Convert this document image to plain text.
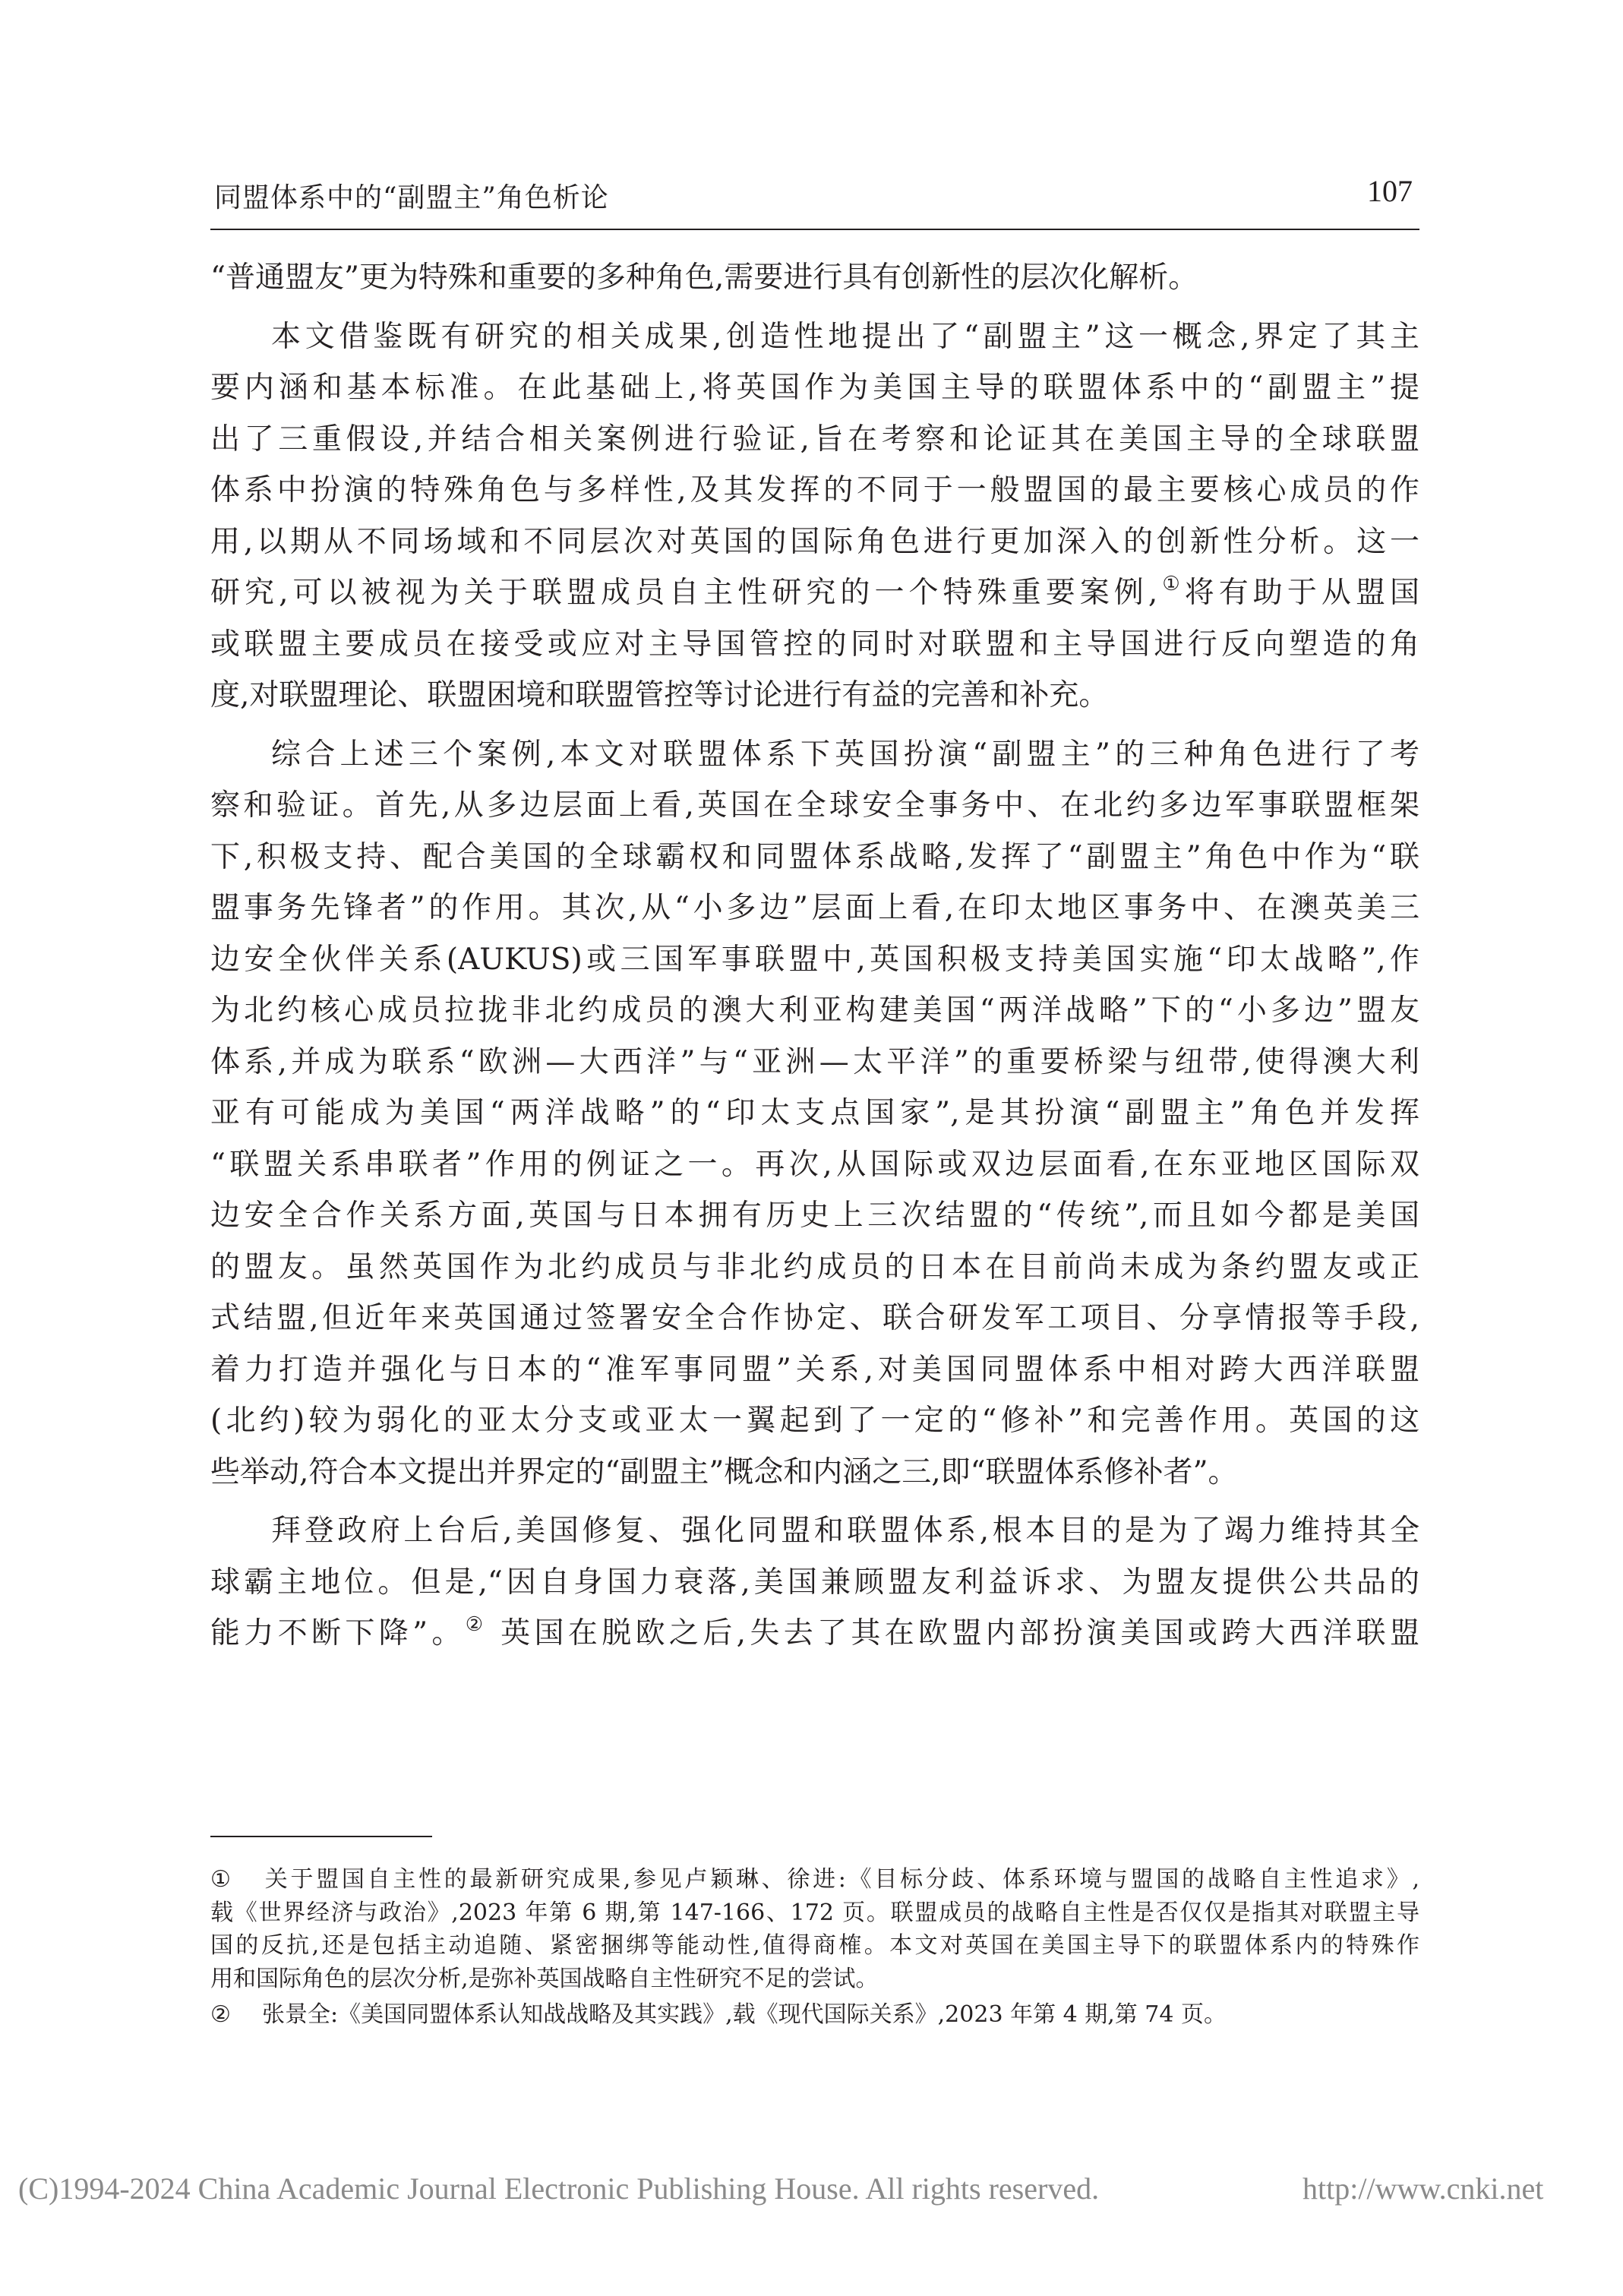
同盟体系中的“副盟主”角色析论	107
“普通盟友”更为特殊和重要的多种角色,需要进行具有创新性的层次化解析。
本文借鉴既有研究的相关成果,创造性地提出了“副盟主”这一概念,界定了其主
要内涵和基本标准。在此基础上,将英国作为美国主导的联盟体系中的“副盟主”提
出了三重假设,并结合相关案例进行验证,旨在考察和论证其在美国主导的全球联盟
体系中扮演的特殊角色与多样性,及其发挥的不同于一般盟国的最主要核心成员的作
用,以期从不同场域和不同层次对英国的国际角色进行更加深入的创新性分析。这一
研究,可以被视为关于联盟成员自主性研究的一个特殊重要案例,①将有助于从盟国
或联盟主要成员在接受或应对主导国管控的同时对联盟和主导国进行反向塑造的角
度,对联盟理论、联盟困境和联盟管控等讨论进行有益的完善和补充。
综合上述三个案例,本文对联盟体系下英国扮演“副盟主”的三种角色进行了考
察和验证。首先,从多边层面上看,英国在全球安全事务中、在北约多边军事联盟框架
下,积极支持、配合美国的全球霸权和同盟体系战略,发挥了“副盟主”角色中作为“联
盟事务先锋者”的作用。其次,从“小多边”层面上看,在印太地区事务中、在澳英美三
边安全伙伴关系(AUKUS)或三国军事联盟中,英国积极支持美国实施“印太战略”,作
为北约核心成员拉拢非北约成员的澳大利亚构建美国“两洋战略”下的“小多边”盟友
体系,并成为联系“欧洲—大西洋”与“亚洲—太平洋”的重要桥梁与纽带,使得澳大利
亚有可能成为美国“两洋战略”的“印太支点国家”,是其扮演“副盟主”角色并发挥
“联盟关系串联者”作用的例证之一。再次,从国际或双边层面看,在东亚地区国际双
边安全合作关系方面,英国与日本拥有历史上三次结盟的“传统”,而且如今都是美国
的盟友。虽然英国作为北约成员与非北约成员的日本在目前尚未成为条约盟友或正
式结盟,但近年来英国通过签署安全合作协定、联合研发军工项目、分享情报等手段,
着力打造并强化与日本的“准军事同盟”关系,对美国同盟体系中相对跨大西洋联盟
(北约)较为弱化的亚太分支或亚太一翼起到了一定的“修补”和完善作用。英国的这
些举动,符合本文提出并界定的“副盟主”概念和内涵之三,即“联盟体系修补者”。
拜登政府上台后,美国修复、强化同盟和联盟体系,根本目的是为了竭力维持其全
球霸主地位。但是,“因自身国力衰落,美国兼顾盟友利益诉求、为盟友提供公共品的
能力不断下降”。② 英国在脱欧之后,失去了其在欧盟内部扮演美国或跨大西洋联盟
① 关于盟国自主性的最新研究成果,参见卢颖琳、徐进:《目标分歧、体系环境与盟国的战略自主性追求》,
载《世界经济与政治》,2023 年第 6 期,第 147-166、172 页。联盟成员的战略自主性是否仅仅是指其对联盟主导
国的反抗,还是包括主动追随、紧密捆绑等能动性,值得商榷。本文对英国在美国主导下的联盟体系内的特殊作
用和国际角色的层次分析,是弥补英国战略自主性研究不足的尝试。
② 张景全:《美国同盟体系认知战战略及其实践》,载《现代国际关系》,2023 年第 4 期,第 74 页。
(C)1994-2024 China Academic Journal Electronic Publishing House. All rights reserved.	http://www.cnki.net
